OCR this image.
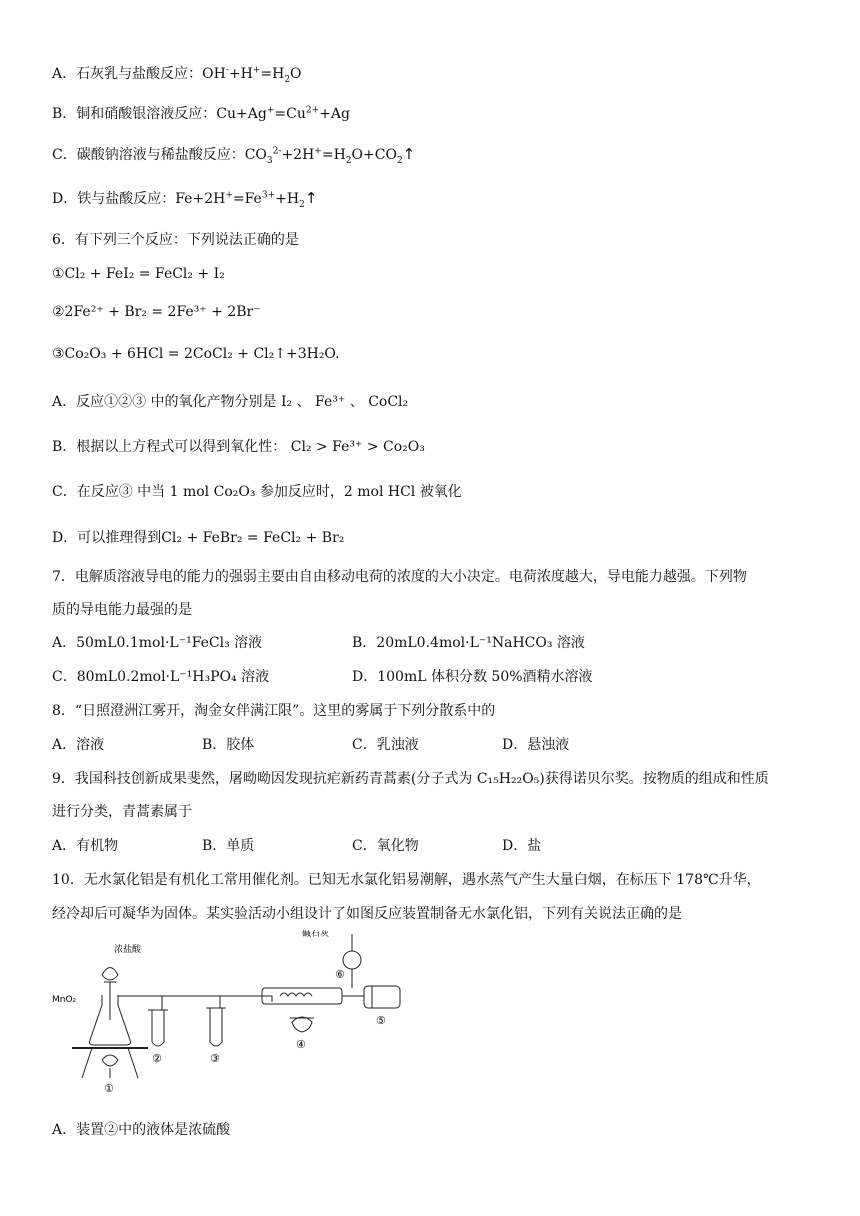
A．石灰乳与盐酸反应：$OH^-+H^+=H_2O$
B．铜和硝酸银溶液反应：$Cu+Ag^+=Cu^{2+}+Ag$
C．碳酸钠溶液与稀盐酸反应：$CO_3^{2-}+2H^+=H_2O+CO_2↑$
D．铁与盐酸反应：$Fe+2H^+=Fe^{3+}+H_2↑$
6．有下列三个反应：下列说法正确的是
①Cl₂ + FeI₂ = FeCl₂ + I₂
②2Fe²⁺ + Br₂ = 2Fe³⁺ + 2Br⁻
③Co₂O₃ + 6HCl = 2CoCl₂ + Cl₂↑+3H₂O.
A．反应①②③ 中的氧化产物分别是 I₂ 、 Fe³⁺ 、 CoCl₂
B．根据以上方程式可以得到氧化性： Cl₂ > Fe³⁺ > Co₂O₃
C．在反应③ 中当 1 mol Co₂O₃ 参加反应时，2 mol HCl 被氧化
D．可以推理得到Cl₂ + FeBr₂ = FeCl₂ + Br₂
7．电解质溶液导电的能力的强弱主要由自由移动电荷的浓度的大小决定。电荷浓度越大，导电能力越强。下列物
质的导电能力最强的是
A．50mL0.1mol·L⁻¹FeCl₃ 溶液	B．20mL0.4mol·L⁻¹NaHCO₃ 溶液
C．80mL0.2mol·L⁻¹H₃PO₄ 溶液	D．100mL 体积分数 50%酒精水溶液
8．“日照澄洲江雾开，淘金女伴满江限”。这里的雾属于下列分散系中的
A．溶液	B．胶体	C．乳浊液	D．悬浊液
9．我国科技创新成果斐然，屠呦呦因发现抗疟新药青蒿素(分子式为 C₁₅H₂₂O₅)获得诺贝尔奖。按物质的组成和性质
进行分类，青蒿素属于
A．有机物	B．单质	C．氧化物	D．盐
10．无水氯化铝是有机化工常用催化剂。已知无水氯化铝易潮解，遇水蒸气产生大量白烟，在标压下 178℃升华，
经冷却后可凝华为固体。某实验活动小组设计了如图反应装置制备无水氯化铝，下列有关说法正确的是
浓盐酸
MnO₂
碱石灰
①
②	③
④
⑤
⑥
A．装置②中的液体是浓硫酸
